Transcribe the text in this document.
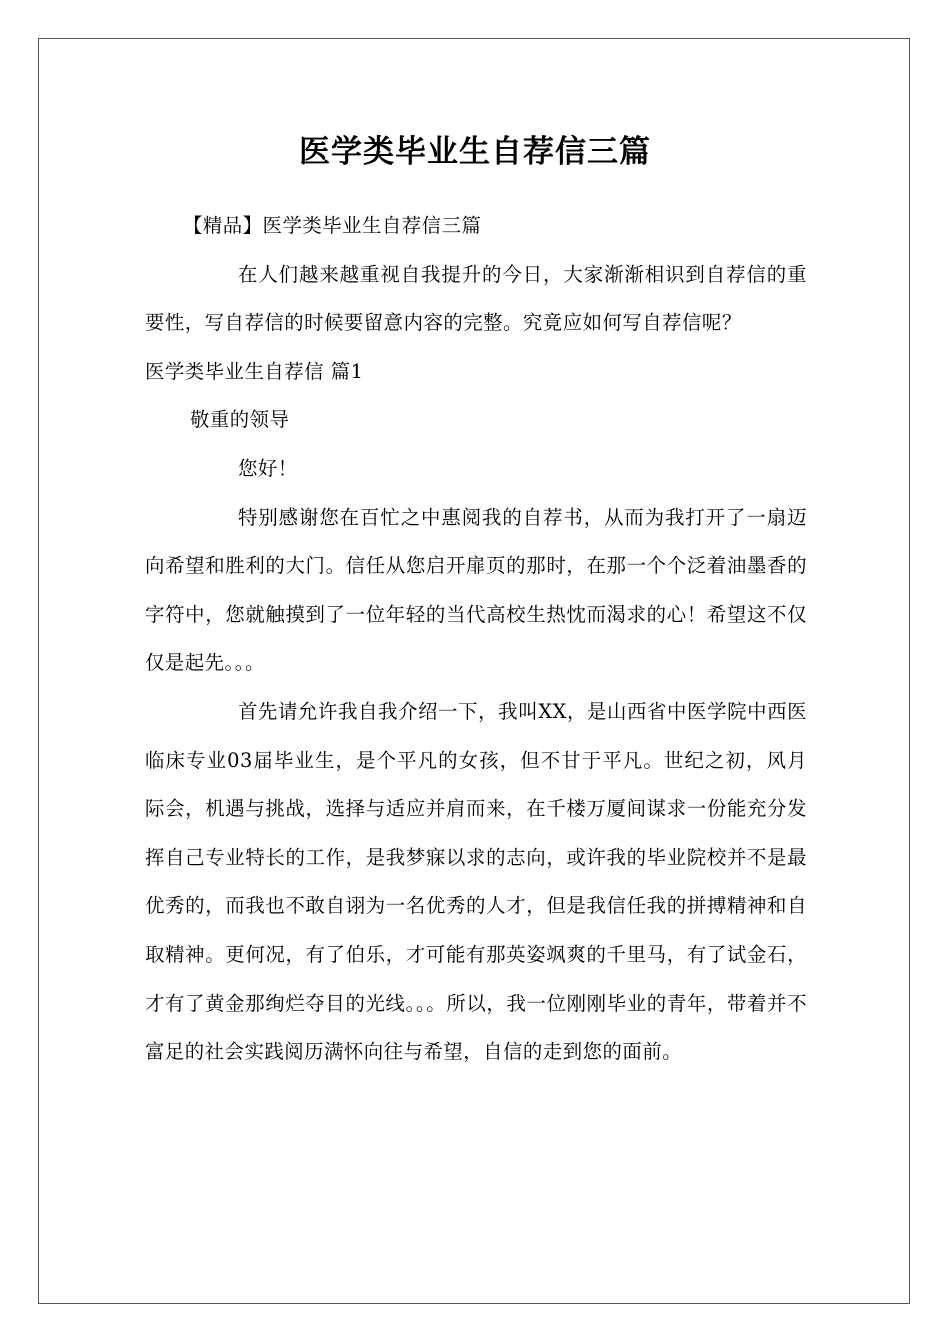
医学类毕业生自荐信三篇

【精品】医学类毕业生自荐信三篇

在人们越来越重视自我提升的今日，大家渐渐相识到自荐信的重要性，写自荐信的时候要留意内容的完整。究竟应如何写自荐信呢？

医学类毕业生自荐信 篇1

敬重的领导

您好！

特别感谢您在百忙之中惠阅我的自荐书，从而为我打开了一扇迈向希望和胜利的大门。信任从您启开扉页的那时，在那一个个泛着油墨香的字符中，您就触摸到了一位年轻的当代高校生热忱而渴求的心！希望这不仅仅是起先。。。

首先请允许我自我介绍一下，我叫XX，是山西省中医学院中西医临床专业03届毕业生，是个平凡的女孩，但不甘于平凡。世纪之初，风月际会，机遇与挑战，选择与适应并肩而来，在千楼万厦间谋求一份能充分发挥自己专业特长的工作，是我梦寐以求的志向，或许我的毕业院校并不是最优秀的，而我也不敢自诩为一名优秀的人才，但是我信任我的拼搏精神和自取精神。更何况，有了伯乐，才可能有那英姿飒爽的千里马，有了试金石，才有了黄金那绚烂夺目的光线。。。所以，我一位刚刚毕业的青年，带着并不富足的社会实践阅历满怀向往与希望，自信的走到您的面前。
